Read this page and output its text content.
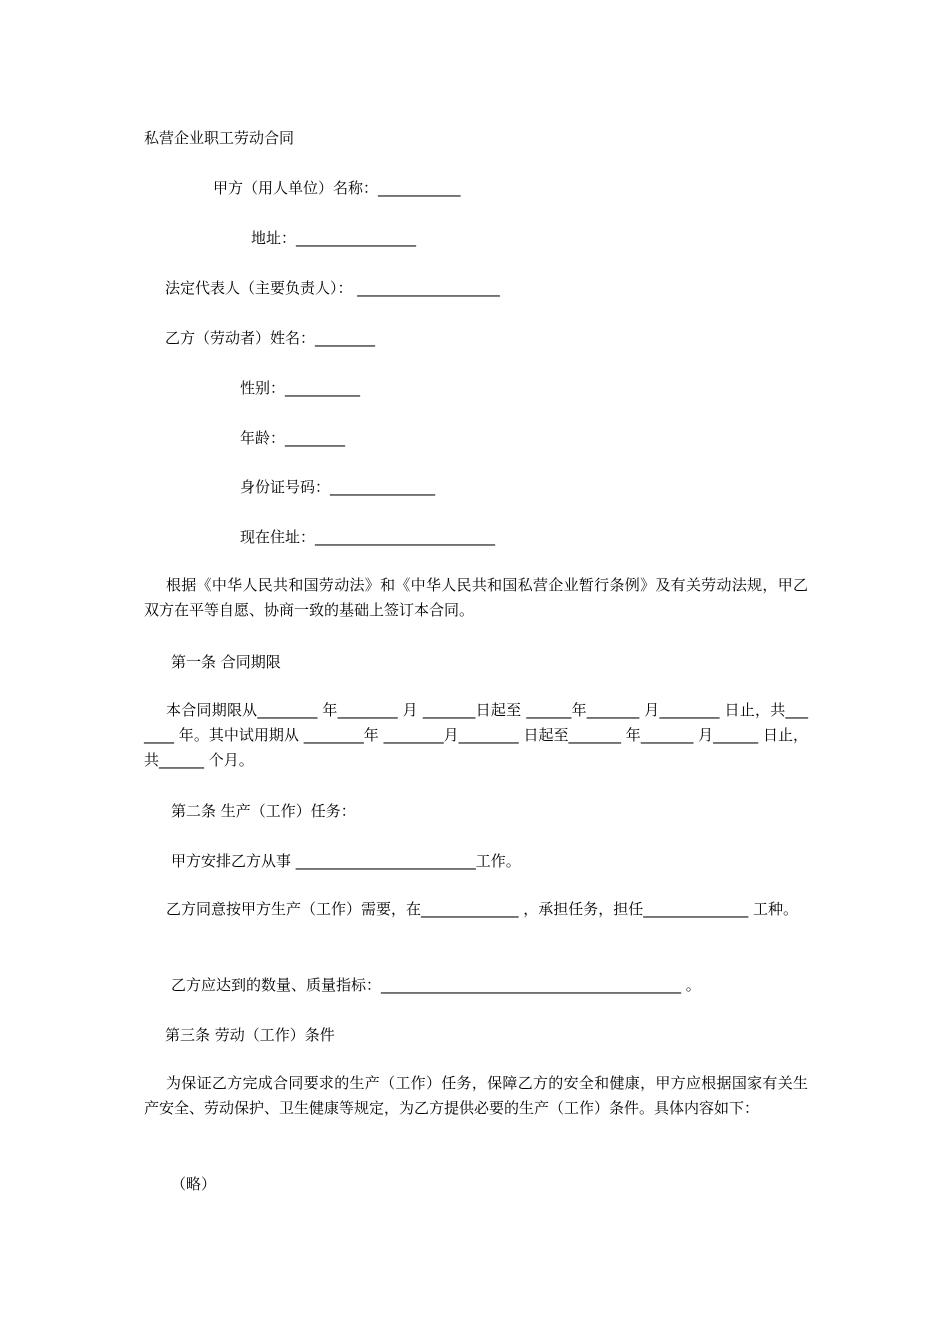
私营企业职工劳动合同
甲方（用人单位）名称：___________
地址：________________
法定代表人（主要负责人）： ___________________
乙方（劳动者）姓名：________
性别：__________
年龄：________
身份证号码：______________
现在住址：________________________
根据《中华人民共和国劳动法》和《中华人民共和国私营企业暂行条例》及有关劳动法规，甲乙双方在平等自愿、协商一致的基础上签订本合同。
第一条 合同期限
本合同期限从________ 年________ 月 _______日起至 ______年_______ 月________ 日止，共_______ 年。其中试用期从 ________年 ________月________ 日起至_______ 年_______ 月______ 日止，共______ 个月。
第二条 生产（工作）任务：
甲方安排乙方从事 ________________________工作。
乙方同意按甲方生产（工作）需要，在_____________ ，承担任务，担任______________ 工种。
乙方应达到的数量、质量指标：________________________________________ 。
第三条 劳动（工作）条件
为保证乙方完成合同要求的生产（工作）任务，保障乙方的安全和健康，甲方应根据国家有关生产安全、劳动保护、卫生健康等规定，为乙方提供必要的生产（工作）条件。具体内容如下：
（略）
